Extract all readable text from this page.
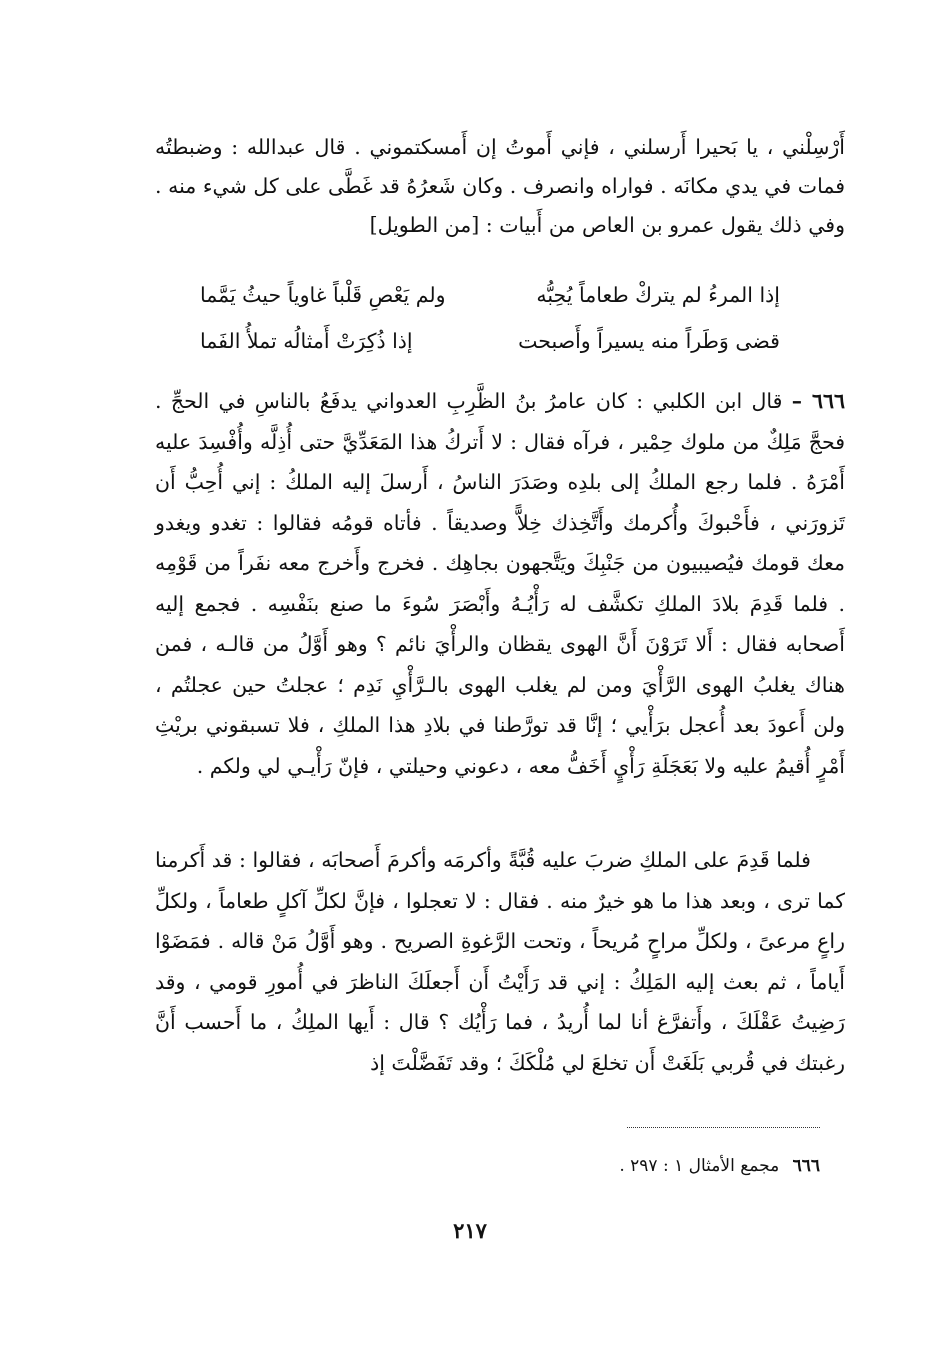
أَرْسِلْني ، يا بَحيرا أَرسلني ، فإني أَموتُ إن أَمسكتموني . قال عبدالله : وضبطتُه فمات في يدي مكانَه . فواراه وانصرف . وكان شَعرُهُ قد غَطَّى على كل شيء منه . وفي ذلك يقول عمرو بن العاص من أَبيات : [من الطويل]
إذا المرءُ لم يتركْ طعاماً يُحِبُّه
ولم يَعْصِ قَلْباً غاوياً حيثُ يَمَّما
قضى وَطَراً منه يسيراً وأَصبحت
إذا ذُكِرَتْ أَمثالُه تملأُ الفَما
٦٦٦ – قال ابن الكلبي : كان عامرُ بنُ الظَّرِبِ العدواني يدفَعُ بالناسِ في الحجِّ . فحجَّ مَلِكٌ من ملوك حِمْير ، فرآه فقال : لا أَتركُ هذا المَعَدِّيَّ حتى أُذِلَّه وأُفْسِدَ عليه أَمْرَهُ . فلما رجع الملكُ إلى بلدِه وصَدَرَ الناسُ ، أَرسلَ إليه الملكُ : إني أُحِبُّ أَن تَزورَني ، فأَحْبوكَ وأُكرمك وأَتَّخِذك خِلاًّ وصديقاً . فأتاه قومُه فقالوا : تغدو ويغدو معك قومك فيُصيبيون من جَنْبِكَ ويَتَّجهون بجاهِك . فخرج وأَخرج معه نفَراً من قَوْمِه . فلما قَدِمَ بلادَ الملكِ تكشَّف له رَأْيُـهُ وأَبْصَرَ سُوءَ ما صنع بنَفْسِه . فجمع إليه أَصحابه فقال : أَلا تَرَوْنَ أَنَّ الهوى يقظان والرأْيَ نائم ؟ وهو أَوَّلُ من قالـه ، فمن هناك يغلبُ الهوى الرَّأْيَ ومن لم يغلب الهوى بالـرَّأْيِ نَدِم ؛ عجلتُ حين عجلتُم ، ولن أَعودَ بعد أُعجل برَأْيي ؛ إنَّا قد تورَّطنا في بلادِ هذا الملكِ ، فلا تسبقوني بريْثِ أَمْرٍ أُقيمُ عليه ولا بَعَجَلَةِ رَأْيٍ أَخَفُّ معه ، دعوني وحيلتي ، فإنّ رَأْيـي لي ولكم .
فلما قَدِمَ على الملكِ ضربَ عليه قُبَّةً وأكرمَه وأكرمَ أَصحابَه ، فقالوا : قد أَكرمنا كما ترى ، وبعد هذا ما هو خيرٌ منه . فقال : لا تعجلوا ، فإنَّ لكلِّ آكلٍ طعاماً ، ولكلِّ راعٍ مرعىً ، ولكلِّ مراحٍ مُريحاً ، وتحت الرَّغوةِ الصريح . وهو أَوَّلُ مَنْ قاله . فمَضَوْا أَياماً ، ثم بعث إليه المَلِكُ : إني قد رَأَيْتُ أَن أَجعلَكَ الناظرَ في أُمورِ قومي ، وقد رَضِيتُ عَقْلَكَ ، وأَتفرَّغ أنا لما أُريدُ ، فما رَأْيُك ؟ قال : أَيها الملِكُ ، ما أَحسب أَنَّ رغبتك في قُربي بَلَغَتْ أَن تخلعَ لي مُلْكَكَ ؛ وقد تَفَضَّلْتَ إذ
٦٦٦ مجمع الأمثال ١ : ٢٩٧ .
٢١٧
